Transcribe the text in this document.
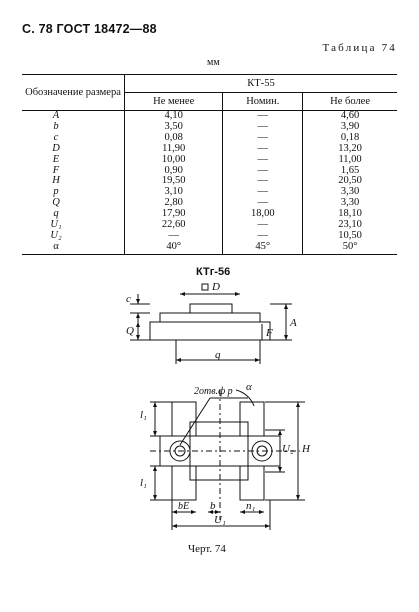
С. 78 ГОСТ 18472—88
Таблица 74
мм
Обозначение размера	КТ-55		
	Не менее	Номин.	Не более
A	4,10	—	4,60
b	3,50	—	3,90
c	0,08	—	0,18
D	11,90	—	13,20
E	10,00	—	11,00
F	0,90	—	1,65
H	19,50	—	20,50
p	3,10	—	3,30
Q	2,80	—	3,30
q	17,90	18,00	18,10
U₁	22,60	—	23,10
U₂	—	—	10,50
α	40°	45°	50°
КТг-56
c
D
Q	F
A
q
2отв.ф p α
l₁
U₂ H
l₁
bE b	n₁
U₁
Черт. 74
